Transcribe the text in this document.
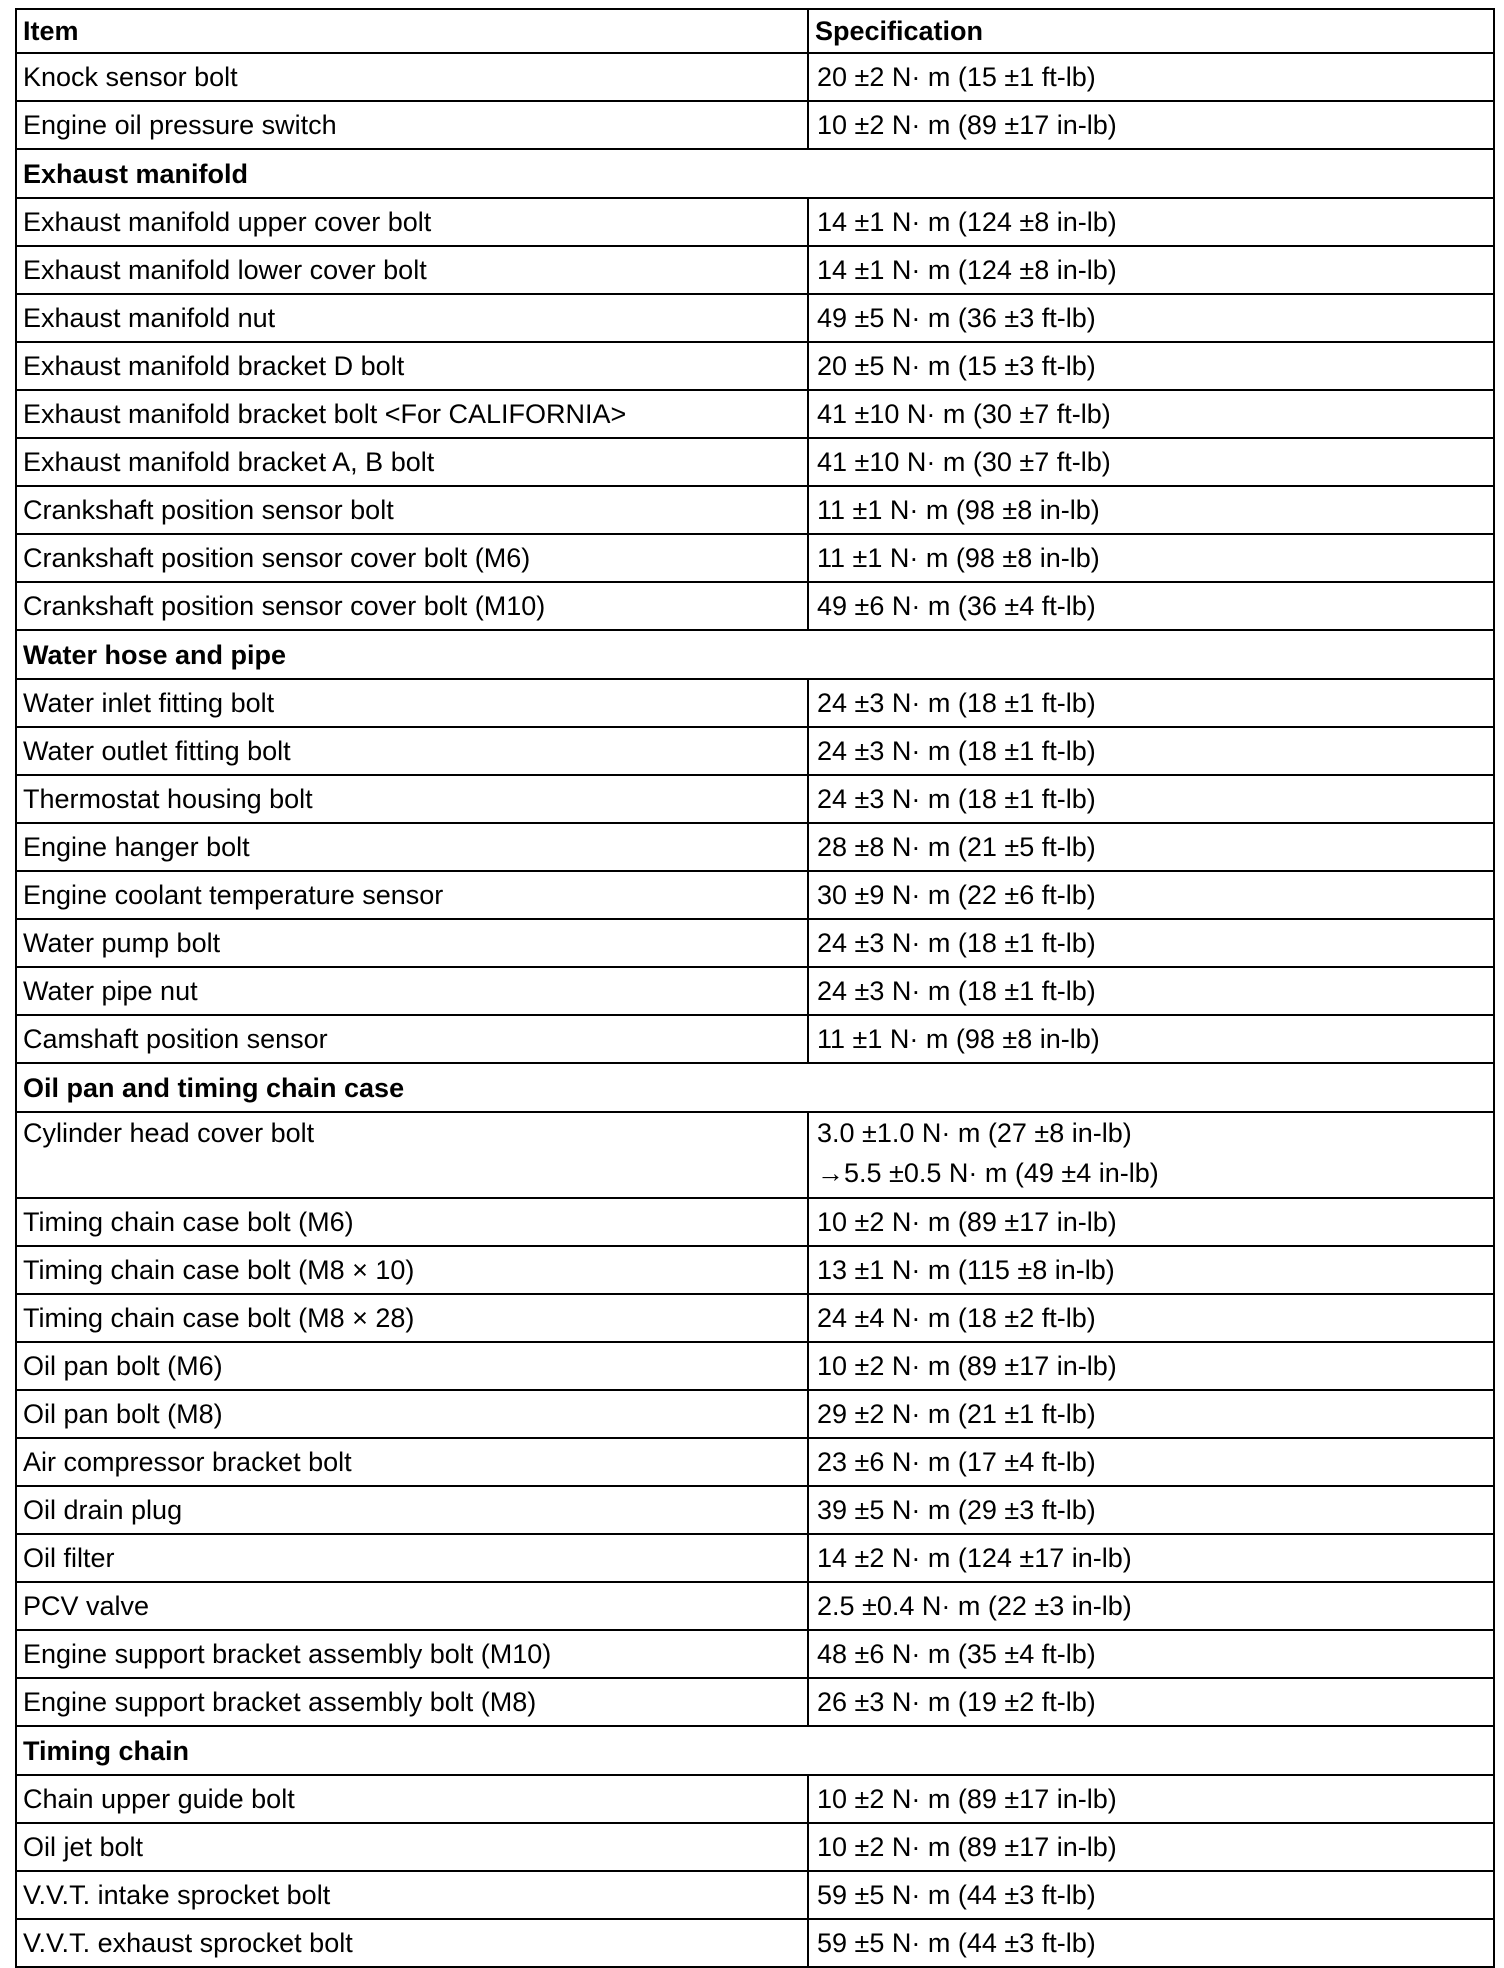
Item	Specification
Knock sensor bolt	20 ±2 N· m (15 ±1 ft-lb)

Engine oil pressure switch	10 ±2 N· m (89 ±17 in-lb)

Exhaust manifold	
Exhaust manifold upper cover bolt	14 ±1 N· m (124 ±8 in-lb)

Exhaust manifold lower cover bolt	14 ±1 N· m (124 ±8 in-lb)

Exhaust manifold nut	49 ±5 N· m (36 ±3 ft-lb)

Exhaust manifold bracket D bolt	20 ±5 N· m (15 ±3 ft-lb)

Exhaust manifold bracket bolt <For CALIFORNIA>	41 ±10 N· m (30 ±7 ft-lb)

Exhaust manifold bracket A, B bolt	41 ±10 N· m (30 ±7 ft-lb)

Crankshaft position sensor bolt	11 ±1 N· m (98 ±8 in-lb)

Crankshaft position sensor cover bolt (M6)	11 ±1 N· m (98 ±8 in-lb)

Crankshaft position sensor cover bolt (M10)	49 ±6 N· m (36 ±4 ft-lb)

Water hose and pipe	
Water inlet fitting bolt	24 ±3 N· m (18 ±1 ft-lb)

Water outlet fitting bolt	24 ±3 N· m (18 ±1 ft-lb)

Thermostat housing bolt	24 ±3 N· m (18 ±1 ft-lb)

Engine hanger bolt	28 ±8 N· m (21 ±5 ft-lb)

Engine coolant temperature sensor	30 ±9 N· m (22 ±6 ft-lb)

Water pump bolt	24 ±3 N· m (18 ±1 ft-lb)

Water pipe nut	24 ±3 N· m (18 ±1 ft-lb)

Camshaft position sensor	11 ±1 N· m (98 ±8 in-lb)

Oil pan and timing chain case	
Cylinder head cover bolt	3.0 ±1.0 N· m (27 ±8 in-lb)
→5.5 ±0.5 N· m (49 ±4 in-lb)

Timing chain case bolt (M6)	10 ±2 N· m (89 ±17 in-lb)

Timing chain case bolt (M8 × 10)	13 ±1 N· m (115 ±8 in-lb)

Timing chain case bolt (M8 × 28)	24 ±4 N· m (18 ±2 ft-lb)

Oil pan bolt (M6)	10 ±2 N· m (89 ±17 in-lb)

Oil pan bolt (M8)	29 ±2 N· m (21 ±1 ft-lb)

Air compressor bracket bolt	23 ±6 N· m (17 ±4 ft-lb)

Oil drain plug	39 ±5 N· m (29 ±3 ft-lb)

Oil filter	14 ±2 N· m (124 ±17 in-lb)

PCV valve	2.5 ±0.4 N· m (22 ±3 in-lb)

Engine support bracket assembly bolt (M10)	48 ±6 N· m (35 ±4 ft-lb)

Engine support bracket assembly bolt (M8)	26 ±3 N· m (19 ±2 ft-lb)

Timing chain	
Chain upper guide bolt	10 ±2 N· m (89 ±17 in-lb)

Oil jet bolt	10 ±2 N· m (89 ±17 in-lb)

V.V.T. intake sprocket bolt	59 ±5 N· m (44 ±3 ft-lb)

V.V.T. exhaust sprocket bolt	59 ±5 N· m (44 ±3 ft-lb)
